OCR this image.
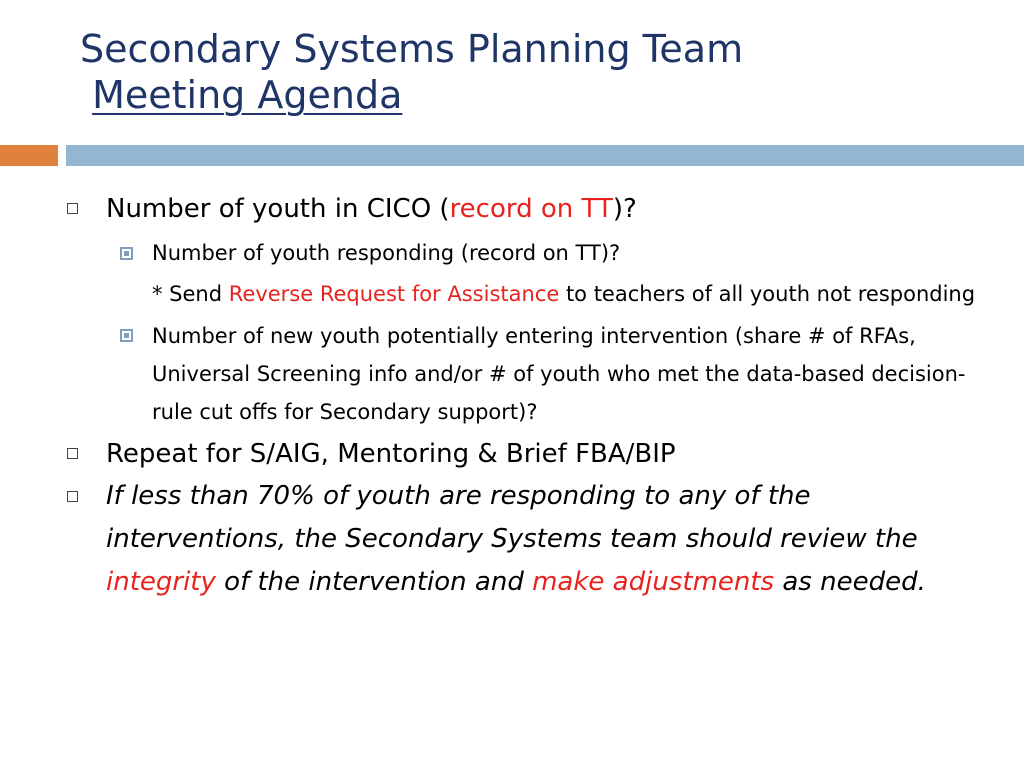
Secondary Systems Planning Team
Meeting Agenda
Number of youth in CICO (record on TT)?
Number of youth responding (record on TT)?
* Send Reverse Request for Assistance to teachers of all youth not responding
Number of new youth potentially entering intervention (share # of RFAs, Universal Screening info and/or # of youth who met the data-based decision-rule cut offs for Secondary support)?
Repeat for S/AIG, Mentoring & Brief FBA/BIP
If less than 70% of youth are responding to any of the interventions, the Secondary Systems team should review the integrity of the intervention and make adjustments as needed.
